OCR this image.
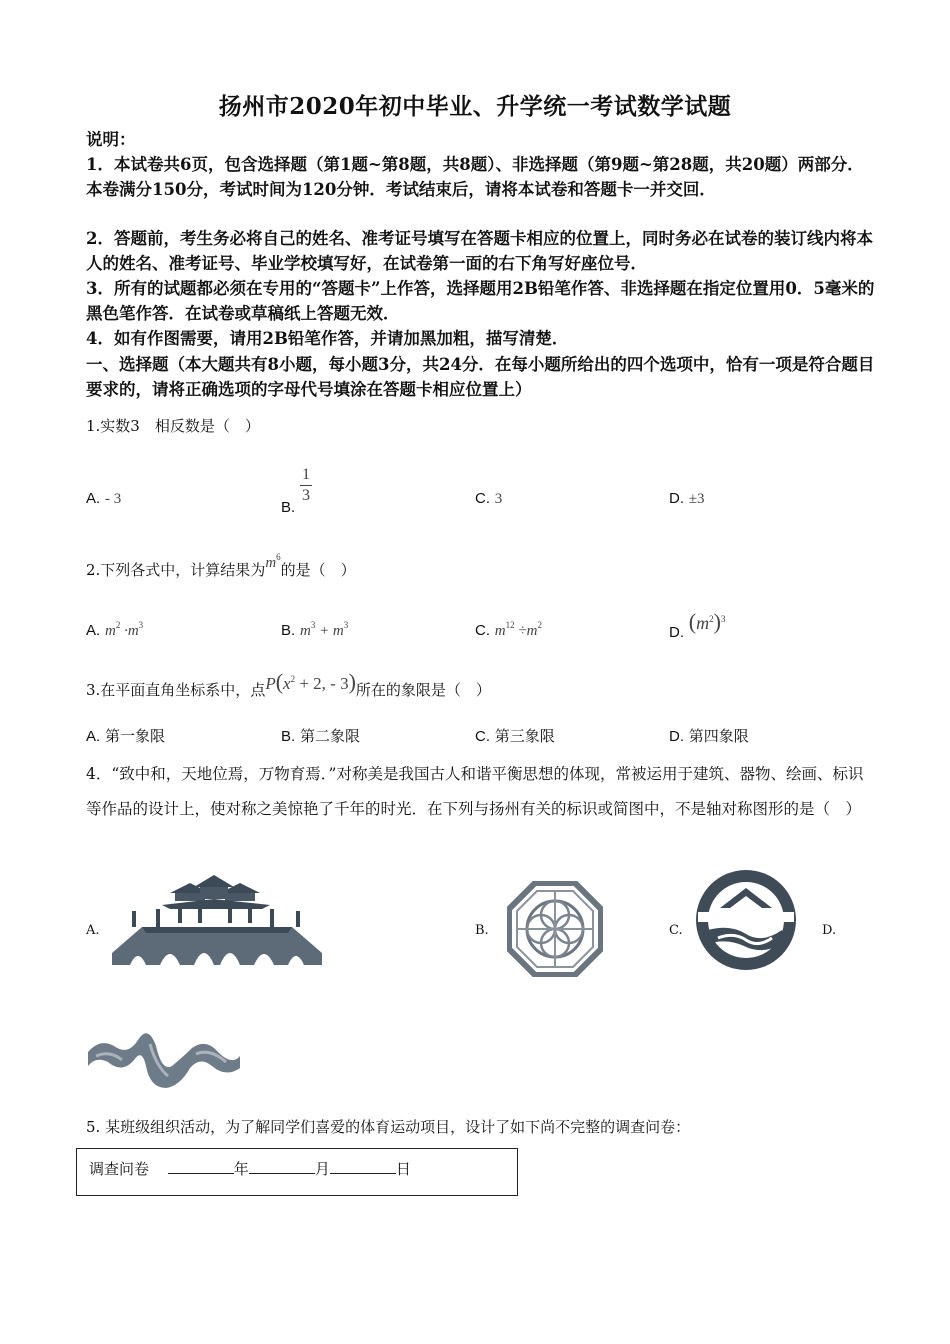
扬州市2020年初中毕业、升学统一考试数学试题
说明：
1．本试卷共6页，包含选择题（第1题~第8题，共8题）、非选择题（第9题~第28题，共20题）两部分．本卷满分150分，考试时间为120分钟．考试结束后，请将本试卷和答题卡一并交回．
2．答题前，考生务必将自己的姓名、准考证号填写在答题卡相应的位置上，同时务必在试卷的装订线内将本人的姓名、准考证号、毕业学校填写好，在试卷第一面的右下角写好座位号．
3．所有的试题都必须在专用的“答题卡”上作答，选择题用2B铅笔作答、非选择题在指定位置用0．5毫米的黑色笔作答．在试卷或草稿纸上答题无效．
4．如有作图需要，请用2B铅笔作答，并请加黑加粗，描写清楚．
一、选择题（本大题共有8小题，每小题3分，共24分．在每小题所给出的四个选项中，恰有一项是符合题目要求的，请将正确选项的字母代号填涂在答题卡相应位置上）
1.实数3　相反数是（　）
A. - 3	B. $\frac{1}{3}$	C. 3	D. ±3
2.下列各式中，计算结果为$m^6$的是（　）
A. $m^2 \cdot m^3$	B. $m^3 + m^3$	C. $m^{12} \div m^2$	D. $(m^2)^3$
3.在平面直角坐标系中，点$P(x^2 + 2$, - 3)所在的象限是（　）
A. 第一象限	B. 第二象限	C. 第三象限	D. 第四象限
4．“致中和，天地位焉，万物育焉．”对称美是我国古人和谐平衡思想的体现，常被运用于建筑、器物、绘画、标识等作品的设计上，使对称之美惊艳了千年的时光．在下列与扬州有关的标识或简图中，不是轴对称图形的是（　）
A.	B.	C.	D.
5. 某班级组织活动，为了解同学们喜爱的体育运动项目，设计了如下尚不完整的调查问卷：
调查问卷	年	月	日
